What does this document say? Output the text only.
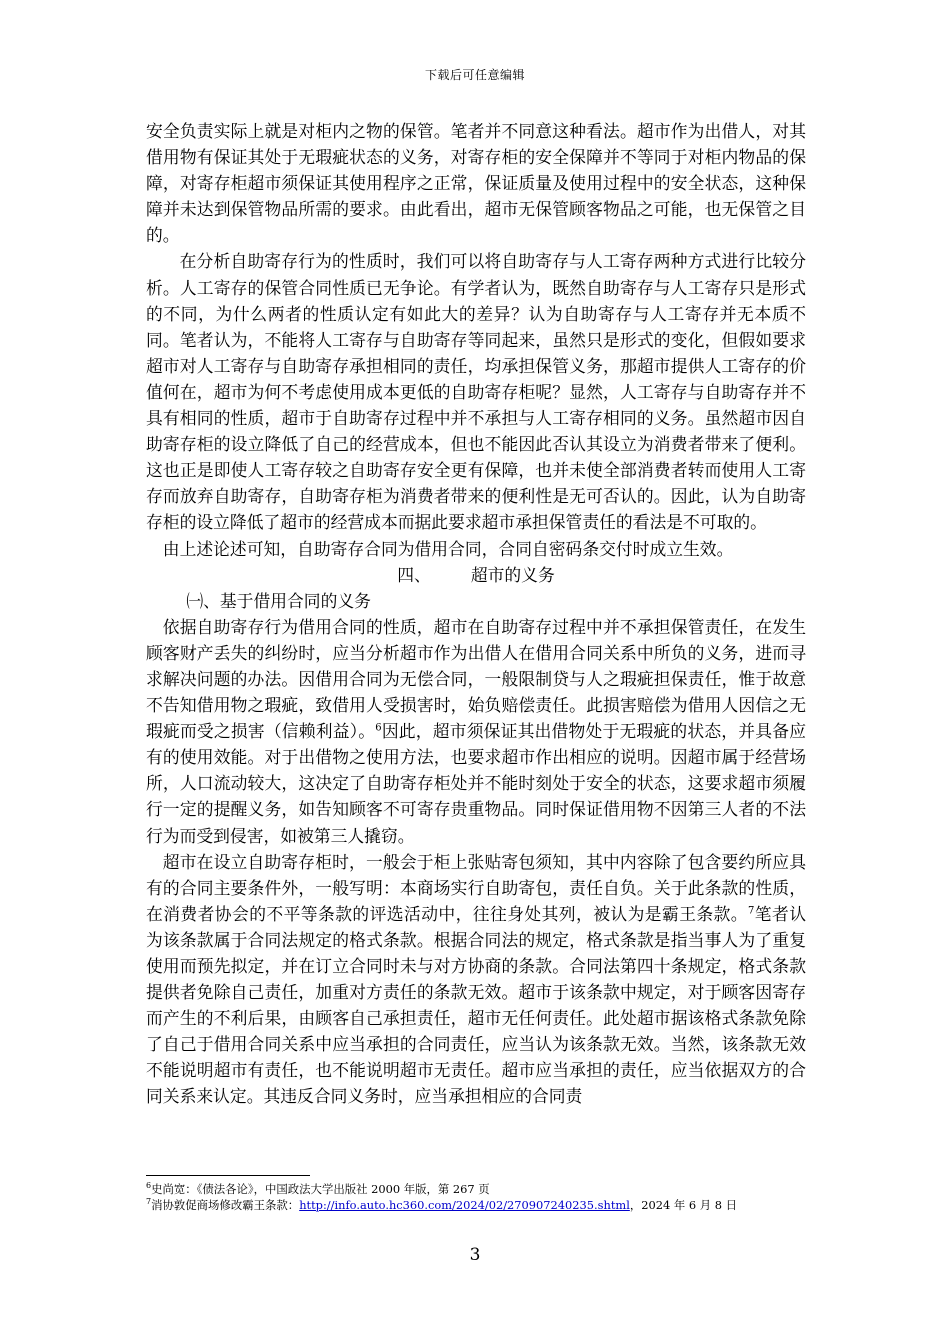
下载后可任意编辑

安全负责实际上就是对柜内之物的保管。笔者并不同意这种看法。超市作为出借人，对其借用物有保证其处于无瑕疵状态的义务，对寄存柜的安全保障并不等同于对柜内物品的保障，对寄存柜超市须保证其使用程序之正常，保证质量及使用过程中的安全状态，这种保障并未达到保管物品所需的要求。由此看出，超市无保管顾客物品之可能，也无保管之目的。

在分析自助寄存行为的性质时，我们可以将自助寄存与人工寄存两种方式进行比较分析。人工寄存的保管合同性质已无争论。有学者认为，既然自助寄存与人工寄存只是形式的不同，为什么两者的性质认定有如此大的差异？认为自助寄存与人工寄存并无本质不同。笔者认为，不能将人工寄存与自助寄存等同起来，虽然只是形式的变化，但假如要求超市对人工寄存与自助寄存承担相同的责任，均承担保管义务，那超市提供人工寄存的价值何在，超市为何不考虑使用成本更低的自助寄存柜呢？显然，人工寄存与自助寄存并不具有相同的性质，超市于自助寄存过程中并不承担与人工寄存相同的义务。虽然超市因自助寄存柜的设立降低了自己的经营成本，但也不能因此否认其设立为消费者带来了便利。这也正是即使人工寄存较之自助寄存安全更有保障，也并未使全部消费者转而使用人工寄存而放弃自助寄存，自助寄存柜为消费者带来的便利性是无可否认的。因此，认为自助寄存柜的设立降低了超市的经营成本而据此要求超市承担保管责任的看法是不可取的。

由上述论述可知，自助寄存合同为借用合同，合同自密码条交付时成立生效。

四、 超市的义务

㈠、基于借用合同的义务

依据自助寄存行为借用合同的性质，超市在自助寄存过程中并不承担保管责任，在发生顾客财产丢失的纠纷时，应当分析超市作为出借人在借用合同关系中所负的义务，进而寻求解决问题的办法。因借用合同为无偿合同，一般限制贷与人之瑕疵担保责任，惟于故意不告知借用物之瑕疵，致借用人受损害时，始负赔偿责任。此损害赔偿为借用人因信之无瑕疵而受之损害（信赖利益）。$^6$因此，超市须保证其出借物处于无瑕疵的状态，并具备应有的使用效能。对于出借物之使用方法，也要求超市作出相应的说明。因超市属于经营场所，人口流动较大，这决定了自助寄存柜处并不能时刻处于安全的状态，这要求超市须履行一定的提醒义务，如告知顾客不可寄存贵重物品。同时保证借用物不因第三人者的不法行为而受到侵害，如被第三人撬窃。

超市在设立自助寄存柜时，一般会于柜上张贴寄包须知，其中内容除了包含要约所应具有的合同主要条件外，一般写明：本商场实行自助寄包，责任自负。关于此条款的性质，在消费者协会的不平等条款的评选活动中，往往身处其列，被认为是霸王条款。$^7$笔者认为该条款属于合同法规定的格式条款。根据合同法的规定，格式条款是指当事人为了重复使用而预先拟定，并在订立合同时未与对方协商的条款。合同法第四十条规定，格式条款提供者免除自己责任，加重对方责任的条款无效。超市于该条款中规定，对于顾客因寄存而产生的不利后果，由顾客自己承担责任，超市无任何责任。此处超市据该格式条款免除了自己于借用合同关系中应当承担的合同责任，应当认为该条款无效。当然，该条款无效不能说明超市有责任，也不能说明超市无责任。超市应当承担的责任，应当依据双方的合同关系来认定。其违反合同义务时，应当承担相应的合同责

$^6$史尚宽：《债法各论》，中国政法大学出版社 2000 年版，第 267 页

$^7$消协敦促商场修改霸王条款：http://info.auto.hc360.com/2024/02/270907240235.shtml，2024 年 6 月 8 日

3
